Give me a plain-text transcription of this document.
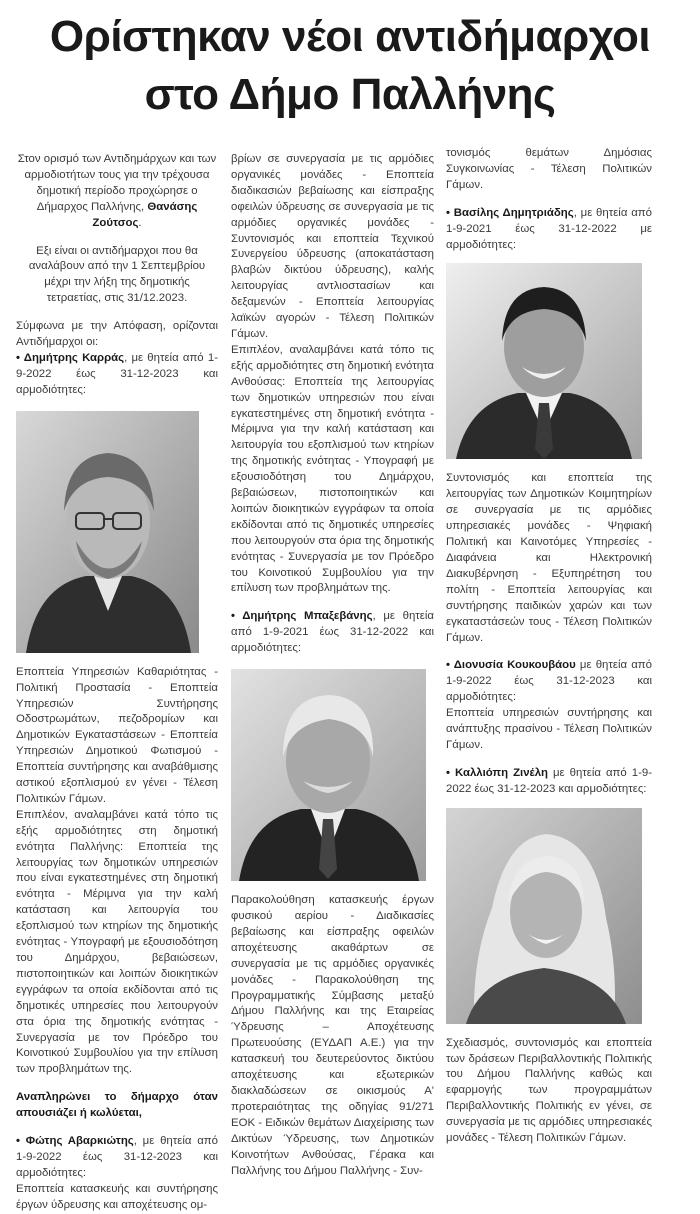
Ορίστηκαν νέοι αντιδήμαρχοι
στο Δήμο Παλλήνης

Στον ορισμό των Αντιδημάρχων και των αρμοδιοτήτων τους για την τρέχουσα δημοτική περίοδο προχώρησε ο Δήμαρχος Παλλήνης, Θανάσης Ζούτσος.

Εξι είναι οι αντιδήμαρχοι που θα αναλάβουν από την 1 Σεπτεμβρίου μέχρι την λήξη της δημοτικής τετραετίας, στις 31/12.2023.

Σύμφωνα με την Απόφαση, ορίζονται Αντιδήμαρχοι οι:

• Δημήτρης Καρράς, με θητεία από 1-9-2022 έως 31-12-2023 και αρμοδιότητες:

Εποπτεία Υπηρεσιών Καθαριότητας - Πολιτική Προστασία - Εποπτεία Υπηρεσιών Συντήρησης Οδοστρωμάτων, πεζοδρομίων και Δημοτικών Εγκαταστάσεων - Εποπτεία Υπηρεσιών Δημοτικού Φωτισμού - Εποπτεία συντήρησης και αναβάθμισης αστικού εξοπλισμού εν γένει - Τέλεση Πολιτικών Γάμων.

Επιπλέον, αναλαμβάνει κατά τόπο τις εξής αρμοδιότητες στη δημοτική ενότητα Παλλήνης: Εποπτεία της λειτουργίας των δημοτικών υπηρεσιών που είναι εγκατεστημένες στη δημοτική ενότητα - Μέριμνα για την καλή κατάσταση και λειτουργία του εξοπλισμού των κτηρίων της δημοτικής ενότητας - Υπογραφή με εξουσιοδότηση του Δημάρχου, βεβαιώσεων, πιστοποιητικών και λοιπών διοικητικών εγγράφων τα οποία εκδίδονται από τις δημοτικές υπηρεσίες που λειτουργούν στα όρια της δημοτικής ενότητας - Συνεργασία με τον Πρόεδρο του Κοινοτικού Συμβουλίου για την επίλυση των προβλημάτων της.

Αναπληρώνει το δήμαρχο όταν απουσιάζει ή κωλύεται,

• Φώτης Αβαρκιώτης, με θητεία από 1-9-2022 έως 31-12-2023 και αρμοδιότητες:

Εποπτεία κατασκευής και συντήρησης έργων ύδρευσης και αποχέτευσης ομ-

βρίων σε συνεργασία με τις αρμόδιες οργανικές μονάδες - Εποπτεία διαδικασιών βεβαίωσης και είσπραξης οφειλών ύδρευσης σε συνεργασία με τις αρμόδιες οργανικές μονάδες - Συντονισμός και εποπτεία Τεχνικού Συνεργείου ύδρευσης (αποκατάσταση βλαβών δικτύου ύδρευσης), καλής λειτουργίας αντλιοστασίων και δεξαμενών - Εποπτεία λειτουργίας λαϊκών αγορών - Τέλεση Πολιτικών Γάμων.

Επιπλέον, αναλαμβάνει κατά τόπο τις εξής αρμοδιότητες στη δημοτική ενότητα Ανθούσας: Εποπτεία της λειτουργίας των δημοτικών υπηρεσιών που είναι εγκατεστημένες στη δημοτική ενότητα - Μέριμνα για την καλή κατάσταση και λειτουργία του εξοπλισμού των κτηρίων της δημοτικής ενότητας - Υπογραφή με εξουσιοδότηση του Δημάρχου, βεβαιώσεων, πιστοποιητικών και λοιπών διοικητικών εγγράφων τα οποία εκδίδονται από τις δημοτικές υπηρεσίες που λειτουργούν στα όρια της δημοτικής ενότητας - Συνεργασία με τον Πρόεδρο του Κοινοτικού Συμβουλίου για την επίλυση των προβλημάτων της.

• Δημήτρης Μπαξεβάνης, με θητεία από 1-9-2021 έως 31-12-2022 και αρμοδιότητες:

Παρακολούθηση κατασκευής έργων φυσικού αερίου - Διαδικασίες βεβαίωσης και είσπραξης οφειλών αποχέτευσης ακαθάρτων σε συνεργασία με τις αρμόδιες οργανικές μονάδες - Παρακολούθηση της Προγραμματικής Σύμβασης μεταξύ Δήμου Παλλήνης και της Εταιρείας Ύδρευσης – Αποχέτευσης Πρωτευούσης (ΕΥΔΑΠ Α.Ε.) για την κατασκευή του δευτερεύοντος δικτύου αποχέτευσης και εξωτερικών διακλαδώσεων σε οικισμούς Α' προτεραιότητας της οδηγίας 91/271 ΕΟΚ - Ειδικών θεμάτων Διαχείρισης των Δικτύων Ύδρευσης, των Δημοτικών Κοινοτήτων Ανθούσας, Γέρακα και Παλλήνης του Δήμου Παλλήνης - Συν-

τονισμός θεμάτων Δημόσιας Συγκοινωνίας - Τέλεση Πολιτικών Γάμων.

• Βασίλης Δημητριάδης, με θητεία από 1-9-2021 έως 31-12-2022 με αρμοδιότητες:

Συντονισμός και εποπτεία της λειτουργίας των Δημοτικών Κοιμητηρίων σε συνεργασία με τις αρμόδιες υπηρεσιακές μονάδες - Ψηφιακή Πολιτική και Καινοτόμες Υπηρεσίες - Διαφάνεια και Ηλεκτρονική Διακυβέρνηση - Εξυπηρέτηση του πολίτη - Εποπτεία λειτουργίας και συντήρησης παιδικών χαρών και των εγκαταστάσεών τους - Τέλεση Πολιτικών Γάμων.

• Διονυσία Κουκουβάου με θητεία από 1-9-2022 έως 31-12-2023 και αρμοδιότητες:

Εποπτεία υπηρεσιών συντήρησης και ανάπτυξης πρασίνου - Τέλεση Πολιτικών Γάμων.

• Καλλιόπη Ζινέλη με θητεία από 1-9-2022 έως 31-12-2023 και αρμοδιότητες:

Σχεδιασμός, συντονισμός και εποπτεία των δράσεων Περιβαλλοντικής Πολιτικής του Δήμου Παλλήνης καθώς και εφαρμογής των προγραμμάτων Περιβαλλοντικής Πολιτικής εν γένει, σε συνεργασία με τις αρμόδιες υπηρεσιακές μονάδες - Τέλεση Πολιτικών Γάμων.
